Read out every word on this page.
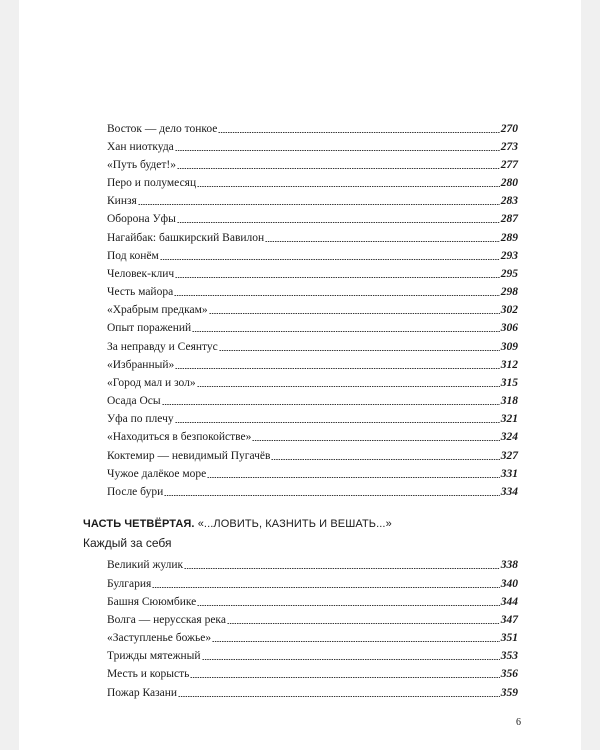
Восток — дело тонкое	270
Хан ниоткуда	273
«Путь будет!»	277
Перо и полумесяц	280
Кинзя	283
Оборона Уфы	287
Нагайбак: башкирский Вавилон	289
Под конём	293
Человек-клич	295
Честь майора	298
«Храбрым предкам»	302
Опыт поражений	306
За неправду и Сеянтус	309
«Избранный»	312
«Город мал и зол»	315
Осада Осы	318
Уфа по плечу	321
«Находиться в безпокойстве»	324
Коктемир — невидимый Пугачёв	327
Чужое далёкое море	331
После бури	334
ЧАСТЬ ЧЕТВЁРТАЯ. «...ЛОВИТЬ, КАЗНИТЬ И ВЕШАТЬ...»
Каждый за себя
Великий жулик	338
Булгария	340
Башня Сююмбике	344
Волга — нерусская река	347
«Заступленье божье»	351
Трижды мятежный	353
Месть и корысть	356
Пожар Казани	359
6
